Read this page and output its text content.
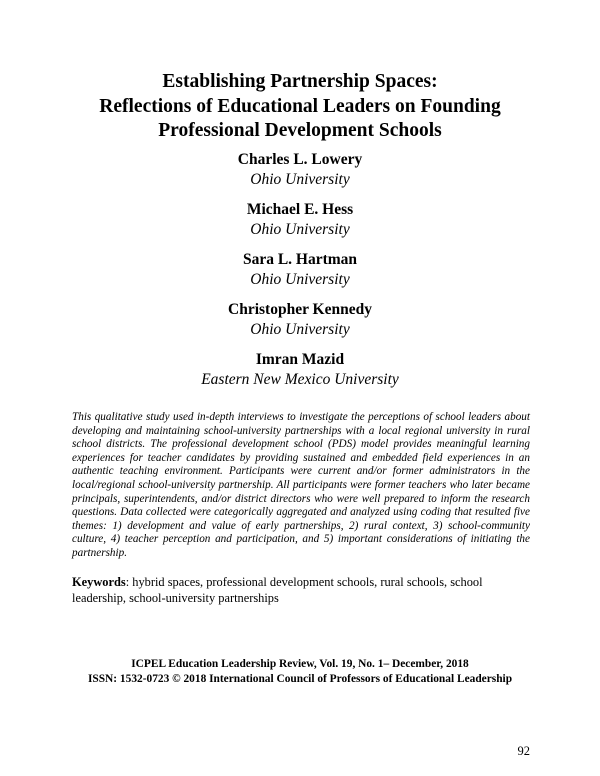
Establishing Partnership Spaces:
Reflections of Educational Leaders on Founding
Professional Development Schools
Charles L. Lowery
Ohio University
Michael E. Hess
Ohio University
Sara L. Hartman
Ohio University
Christopher Kennedy
Ohio University
Imran Mazid
Eastern New Mexico University

This qualitative study used in-depth interviews to investigate the perceptions of school leaders about developing and maintaining school-university partnerships with a local regional university in rural school districts. The professional development school (PDS) model provides meaningful learning experiences for teacher candidates by providing sustained and embedded field experiences in an authentic teaching environment. Participants were current and/or former administrators in the local/regional school-university partnership. All participants were former teachers who later became principals, superintendents, and/or district directors who were well prepared to inform the research questions. Data collected were categorically aggregated and analyzed using coding that resulted five themes: 1) development and value of early partnerships, 2) rural context, 3) school-community culture, 4) teacher perception and participation, and 5) important considerations of initiating the partnership.

Keywords: hybrid spaces, professional development schools, rural schools, school leadership, school-university partnerships
ICPEL Education Leadership Review, Vol. 19, No. 1– December, 2018
ISSN: 1532-0723 © 2018 International Council of Professors of Educational Leadership
92
